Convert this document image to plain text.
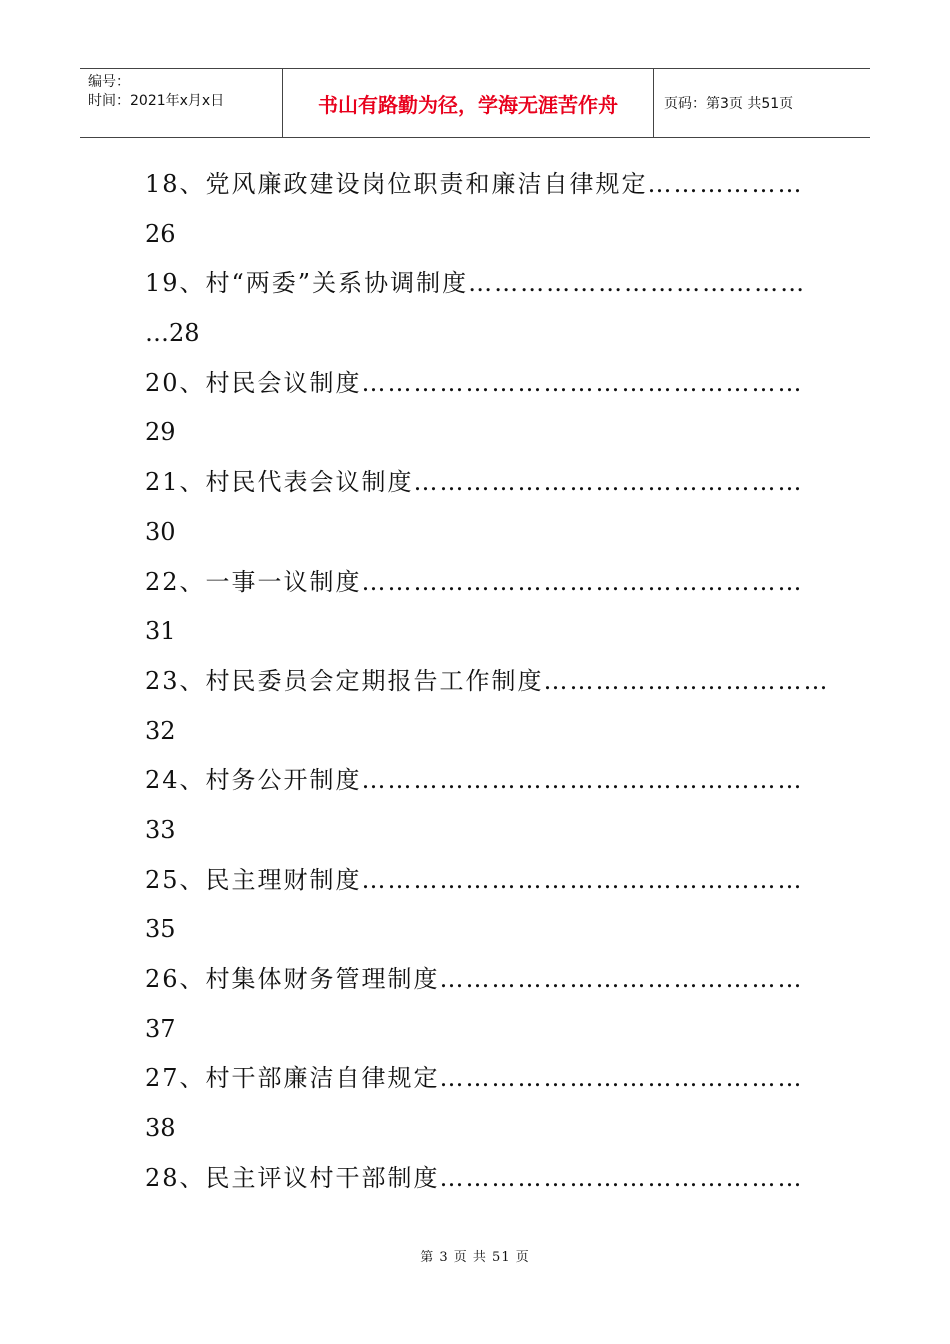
编号：
时间：2021年x月x日	书山有路勤为径，学海无涯苦作舟	页码：第3页 共51页
18、党风廉政建设岗位职责和廉洁自律规定………………
26
19、村“两委”关系协调制度…………………………………
…28
20、村民会议制度……………………………………………
29
21、村民代表会议制度………………………………………
30
22、一事一议制度……………………………………………
31
23、村民委员会定期报告工作制度……………………………
32
24、村务公开制度……………………………………………
33
25、民主理财制度……………………………………………
35
26、村集体财务管理制度……………………………………
37
27、村干部廉洁自律规定……………………………………
38
28、民主评议村干部制度……………………………………
第 3 页 共 51 页
